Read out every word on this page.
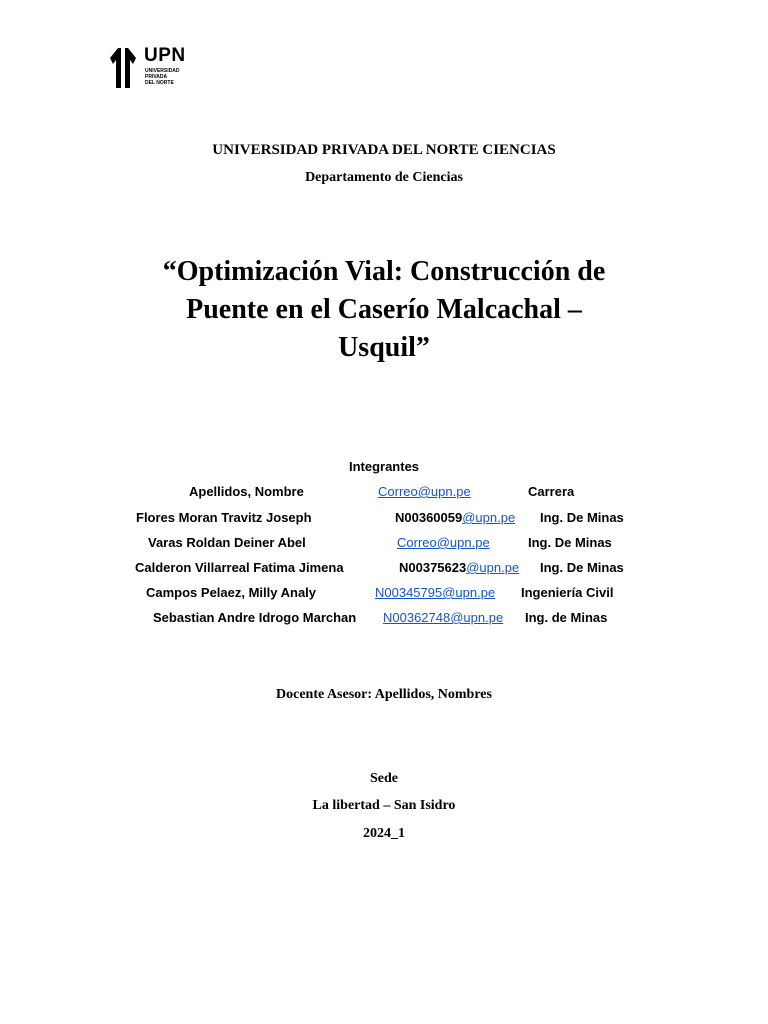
UPN
UNIVERSIDAD
PRIVADA
DEL NORTE
UNIVERSIDAD PRIVADA DEL NORTE CIENCIAS
Departamento de Ciencias
“Optimización Vial: Construcción de
Puente en el Caserío Malcachal –
Usquil”
Integrantes
Apellidos, Nombre	Correo@upn.pe	Carrera
Flores Moran Travitz Joseph	N00360059@upn.pe Ing. De Minas
Varas Roldan Deiner Abel	Correo@upn.pe	Ing. De Minas
Calderon Villarreal Fatima Jimena	N00375623@upn.pe Ing. De Minas
Campos Pelaez, Milly Analy	N00345795@upn.pe Ingeniería Civil
Sebastian Andre Idrogo Marchan N00362748@upn.pe Ing. de Minas
Docente Asesor: Apellidos, Nombres
Sede
La libertad – San Isidro
2024_1
